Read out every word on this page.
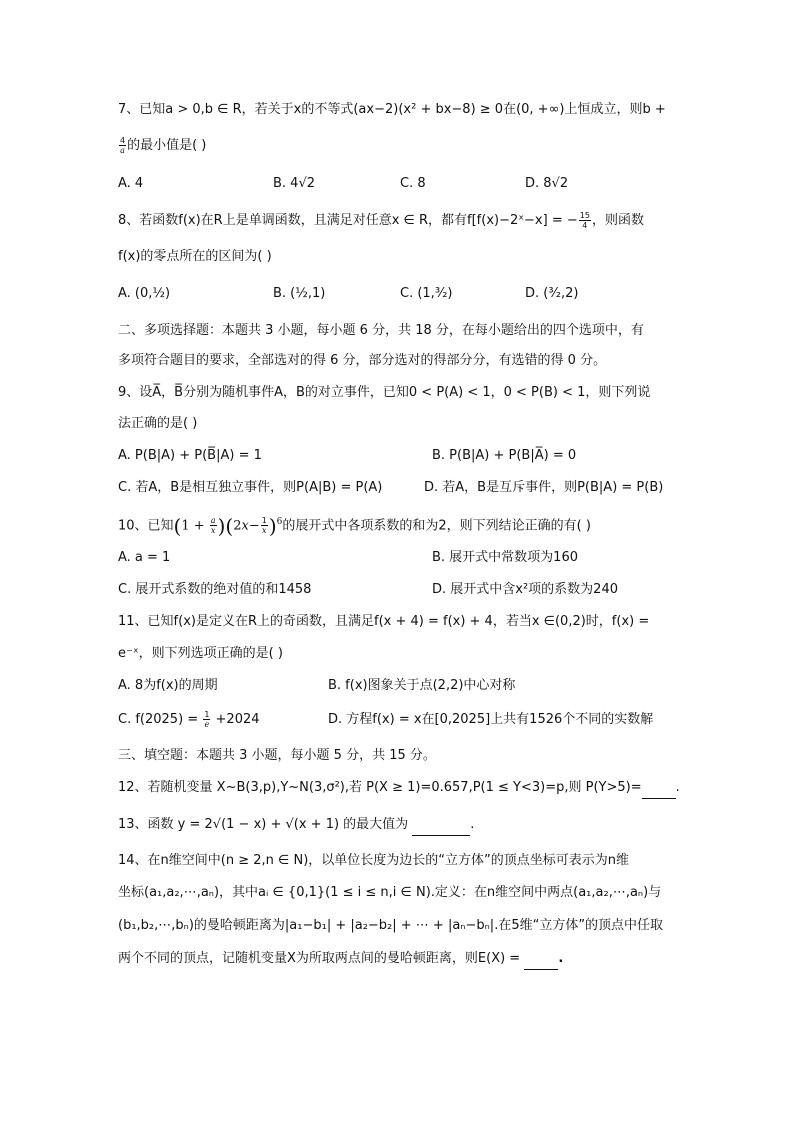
7、已知a > 0,b ∈ R，若关于x的不等式(ax−2)(x² + bx−8) ≥ 0在(0, +∞)上恒成立，则b +
$\frac{4}{a}$ 的最小值是( )
A. 4	B. 4√2	C. 8	D. 8√2
8、若函数f(x)在R上是单调函数，且满足对任意x ∈ R，都有f[f(x)−2ˣ−x] = − $\frac{15}{4}$ ，则函数
f(x)的零点所在的区间为( )
A. (0,½)	B. (½,1)	C. (1,³⁄₂)	D. (³⁄₂,2)
二、多项选择题：本题共 3 小题，每小题 6 分，共 18 分，在每小题给出的四个选项中，有
多项符合题目的要求，全部选对的得 6 分，部分选对的得部分分，有选错的得 0 分。
9、设A̅，B̅分别为随机事件A，B的对立事件，已知0 < P(A) < 1，0 < P(B) < 1，则下列说
法正确的是( )
A. P(B|A) + P(B̅|A) = 1	B. P(B|A) + P(B|A̅) = 0
C. 若A，B是相互独立事件，则P(A|B) = P(A)	D. 若A，B是互斥事件，则P(B|A) = P(B)
10、已知$(1 + \frac{a}{x} )(2x- \frac{1}{x} )^6$的展开式中各项系数的和为2，则下列结论正确的有( )
A. a = 1	B. 展开式中常数项为160
C. 展开式系数的绝对值的和1458	D. 展开式中含x²项的系数为240
11、已知f(x)是定义在R上的奇函数，且满足f(x + 4) = f(x) + 4，若当x ∈(0,2)时，f(x) =
e⁻ˣ，则下列选项正确的是( )
A. 8为f(x)的周期	B. f(x)图象关于点(2,2)中心对称
C. $f(2025) = \frac{1}{e} +2024$	D. 方程f(x) = x在[0,2025]上共有1526个不同的实数解
三、填空题：本题共 3 小题，每小题 5 分，共 15 分。
12、若随机变量 X~B(3,p),Y~N(3,σ²),若 P(X ≥ 1)=0.657,P(1 ≤ Y<3)=p,则 P(Y>5)=	.
13、函数 y = 2√(1 − x) + √(x + 1) 的最大值为	.
14、在n维空间中(n ≥ 2,n ∈ N)，以单位长度为边长的“立方体”的顶点坐标可表示为n维
坐标(a₁,a₂,⋯,aₙ)，其中aᵢ ∈ {0,1}(1 ≤ i ≤ n,i ∈ N).定义：在n维空间中两点(a₁,a₂,⋯,aₙ)与
(b₁,b₂,⋯,bₙ)的曼哈顿距离为|a₁−b₁| + |a₂−b₂| + ⋯ + |aₙ−bₙ|.在5维“立方体”的顶点中任取
两个不同的顶点，记随机变量X为所取两点间的曼哈顿距离，则E(X) =	.
